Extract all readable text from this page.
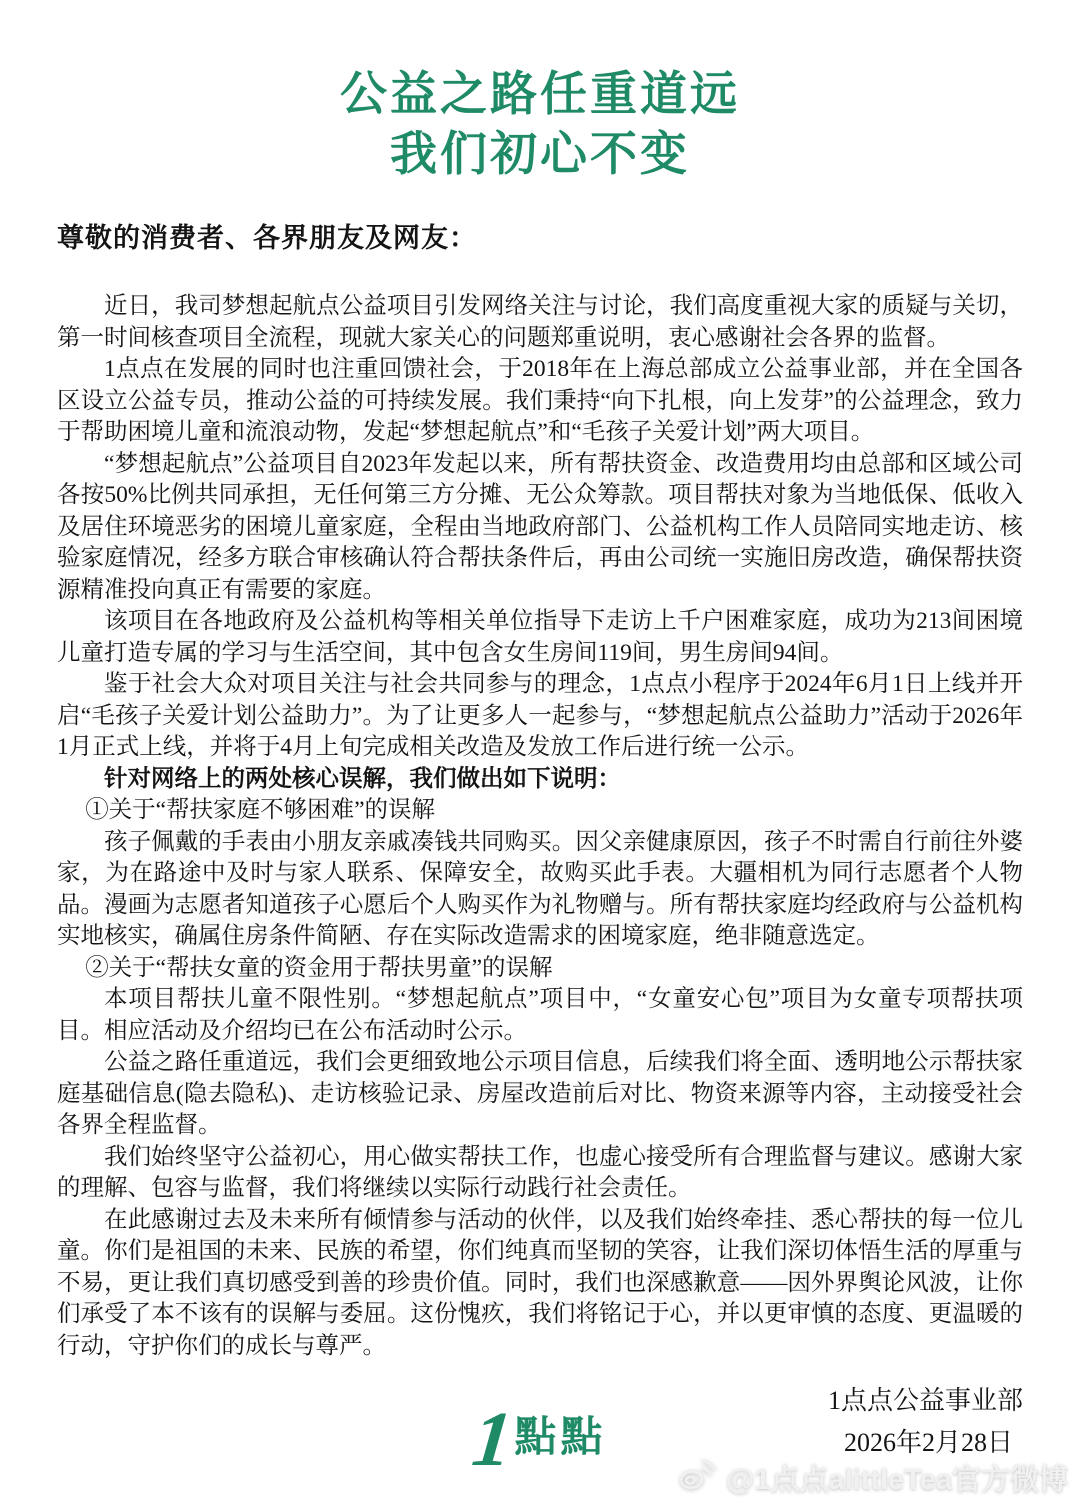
公益之路任重道远
我们初心不变
尊敬的消费者、各界朋友及网友：

近日，我司梦想起航点公益项目引发网络关注与讨论，我们高度重视大家的质疑与关切，第一时间核查项目全流程，现就大家关心的问题郑重说明，衷心感谢社会各界的监督。

1点点在发展的同时也注重回馈社会，于2018年在上海总部成立公益事业部，并在全国各区设立公益专员，推动公益的可持续发展。我们秉持“向下扎根，向上发芽”的公益理念，致力于帮助困境儿童和流浪动物，发起“梦想起航点”和“毛孩子关爱计划”两大项目。

“梦想起航点”公益项目自2023年发起以来，所有帮扶资金、改造费用均由总部和区域公司各按50%比例共同承担，无任何第三方分摊、无公众筹款。项目帮扶对象为当地低保、低收入及居住环境恶劣的困境儿童家庭，全程由当地政府部门、公益机构工作人员陪同实地走访、核验家庭情况，经多方联合审核确认符合帮扶条件后，再由公司统一实施旧房改造，确保帮扶资源精准投向真正有需要的家庭。

该项目在各地政府及公益机构等相关单位指导下走访上千户困难家庭，成功为213间困境儿童打造专属的学习与生活空间，其中包含女生房间119间，男生房间94间。

鉴于社会大众对项目关注与社会共同参与的理念，1点点小程序于2024年6月1日上线并开启“毛孩子关爱计划公益助力”。为了让更多人一起参与，“梦想起航点公益助力”活动于2026年1月正式上线，并将于4月上旬完成相关改造及发放工作后进行统一公示。

针对网络上的两处核心误解，我们做出如下说明：

①关于“帮扶家庭不够困难”的误解

孩子佩戴的手表由小朋友亲戚凑钱共同购买。因父亲健康原因，孩子不时需自行前往外婆家，为在路途中及时与家人联系、保障安全，故购买此手表。大疆相机为同行志愿者个人物品。漫画为志愿者知道孩子心愿后个人购买作为礼物赠与。所有帮扶家庭均经政府与公益机构实地核实，确属住房条件简陋、存在实际改造需求的困境家庭，绝非随意选定。

②关于“帮扶女童的资金用于帮扶男童”的误解

本项目帮扶儿童不限性别。“梦想起航点”项目中，“女童安心包”项目为女童专项帮扶项目。相应活动及介绍均已在公布活动时公示。

公益之路任重道远，我们会更细致地公示项目信息，后续我们将全面、透明地公示帮扶家庭基础信息(隐去隐私)、走访核验记录、房屋改造前后对比、物资来源等内容，主动接受社会各界全程监督。

我们始终坚守公益初心，用心做实帮扶工作，也虚心接受所有合理监督与建议。感谢大家的理解、包容与监督，我们将继续以实际行动践行社会责任。

在此感谢过去及未来所有倾情参与活动的伙伴，以及我们始终牵挂、悉心帮扶的每一位儿童。你们是祖国的未来、民族的希望，你们纯真而坚韧的笑容，让我们深切体悟生活的厚重与不易，更让我们真切感受到善的珍贵价值。同时，我们也深感歉意——因外界舆论风波，让你们承受了本不该有的误解与委屈。这份愧疚，我们将铭记于心，并以更审慎的态度、更温暖的行动，守护你们的成长与尊严。

1点点公益事业部
2026年2月28日
1點點
@1点点alittleTea官方微博
